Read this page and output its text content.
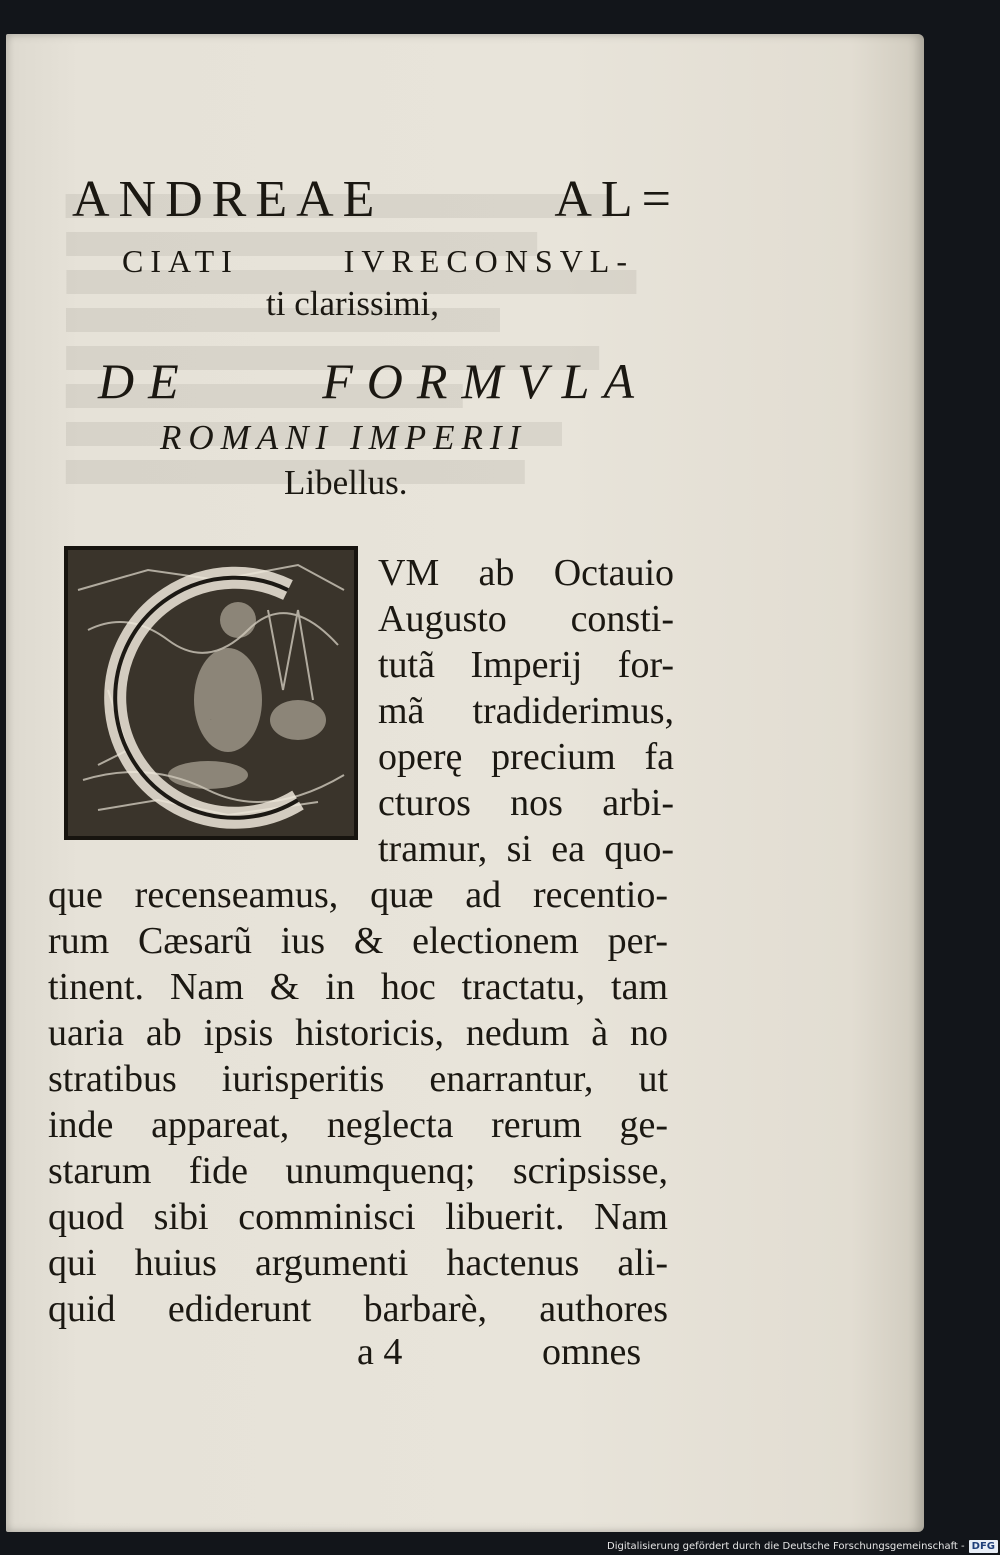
ANDREAE	AL=
CIATI	IVRECONSVL-
ti clarissimi,
DE	FORMVLA
ROMANI IMPERII
Libellus.
C
VM ab Octauio
Augusto consti-
tutã Imperij for-
mã tradiderimus,
operę precium fa
cturos nos arbi-
tramur, si ea quo-
que recenseamus, quæ ad recentio-
rum Cæsarũ ius & electionem per-
tinent. Nam & in hoc tractatu, tam
uaria ab ipsis historicis, nedum à no
stratibus iurisperitis enarrantur, ut
inde appareat, neglecta rerum ge-
starum fide unumquenq; scripsisse,
quod sibi comminisci libuerit. Nam
qui huius argumenti hactenus ali-
quid ediderunt barbarè, authores
a 4	omnes
Digitalisierung gefördert durch die Deutsche Forschungsgemeinschaft - DFG
